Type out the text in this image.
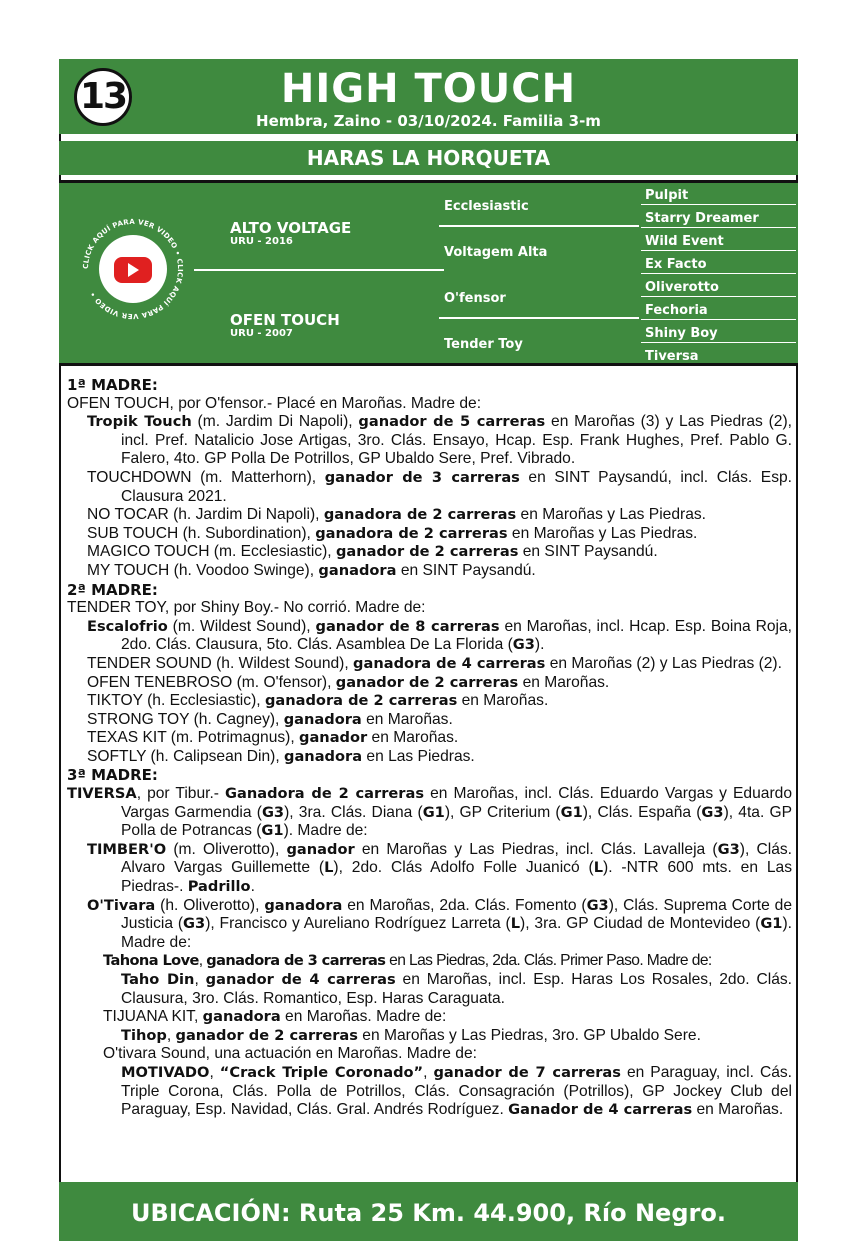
13	HIGH TOUCH
Hembra, Zaino - 03/10/2024. Familia 3-m
HARAS LA HORQUETA
ALTO VOLTAGE
URU - 2016
OFEN TOUCH
URU - 2007
Ecclesiastic
Voltagem Alta
O'fensor
Tender Toy
Pulpit
Starry Dreamer
Wild Event
Ex Facto
Oliverotto
Fechoria
Shiny Boy
Tiversa
CLICK AQUÍ PARA VER VIDEO • CLICK AQUÍ PARA VER VIDEO •

1ª MADRE:

OFEN TOUCH, por O'fensor.- Placé en Maroñas. Madre de:

Tropik Touch (m. Jardim Di Napoli), ganador de 5 carreras en Maroñas (3) y Las Piedras (2), incl. Pref. Natalicio Jose Artigas, 3ro. Clás. Ensayo, Hcap. Esp. Frank Hughes, Pref. Pablo G. Falero, 4to. GP Polla De Potrillos, GP Ubaldo Sere, Pref. Vibrado.

TOUCHDOWN (m. Matterhorn), ganador de 3 carreras en SINT Paysandú, incl. Clás. Esp. Clausura 2021.

NO TOCAR (h. Jardim Di Napoli), ganadora de 2 carreras en Maroñas y Las Piedras.

SUB TOUCH (h. Subordination), ganadora de 2 carreras en Maroñas y Las Piedras.

MAGICO TOUCH (m. Ecclesiastic), ganador de 2 carreras en SINT Paysandú.

MY TOUCH (h. Voodoo Swinge), ganadora en SINT Paysandú.

2ª MADRE:

TENDER TOY, por Shiny Boy.- No corrió. Madre de:

Escalofrio (m. Wildest Sound), ganador de 8 carreras en Maroñas, incl. Hcap. Esp. Boina Roja, 2do. Clás. Clausura, 5to. Clás. Asamblea De La Florida (G3).

TENDER SOUND (h. Wildest Sound), ganadora de 4 carreras en Maroñas (2) y Las Piedras (2).

OFEN TENEBROSO (m. O'fensor), ganador de 2 carreras en Maroñas.

TIKTOY (h. Ecclesiastic), ganadora de 2 carreras en Maroñas.

STRONG TOY (h. Cagney), ganadora en Maroñas.

TEXAS KIT (m. Potrimagnus), ganador en Maroñas.

SOFTLY (h. Calipsean Din), ganadora en Las Piedras.

3ª MADRE:

TIVERSA, por Tibur.- Ganadora de 2 carreras en Maroñas, incl. Clás. Eduardo Vargas y Eduardo Vargas Garmendia (G3), 3ra. Clás. Diana (G1), GP Criterium (G1), Clás. España (G3), 4ta. GP Polla de Potrancas (G1). Madre de:

TIMBER'O (m. Oliverotto), ganador en Maroñas y Las Piedras, incl. Clás. Lavalleja (G3), Clás. Alvaro Vargas Guillemette (L), 2do. Clás Adolfo Folle Juanicó (L). -NTR 600 mts. en Las Piedras-. Padrillo.

O'Tivara (h. Oliverotto), ganadora en Maroñas, 2da. Clás. Fomento (G3), Clás. Suprema Corte de Justicia (G3), Francisco y Aureliano Rodríguez Larreta (L), 3ra. GP Ciudad de Montevideo (G1). Madre de:

Tahona Love, ganadora de 3 carreras en Las Piedras, 2da. Clás. Primer Paso. Madre de:

Taho Din, ganador de 4 carreras en Maroñas, incl. Esp. Haras Los Rosales, 2do. Clás. Clausura, 3ro. Clás. Romantico, Esp. Haras Caraguata.

TIJUANA KIT, ganadora en Maroñas. Madre de:

Tihop, ganador de 2 carreras en Maroñas y Las Piedras, 3ro. GP Ubaldo Sere.

O'tivara Sound, una actuación en Maroñas. Madre de:

MOTIVADO, “Crack Triple Coronado”, ganador de 7 carreras en Paraguay, incl. Cás. Triple Corona, Clás. Polla de Potrillos, Clás. Consagración (Potrillos), GP Jockey Club del Paraguay, Esp. Navidad, Clás. Gral. Andrés Rodríguez. Ganador de 4 carreras en Maroñas.

UBICACIÓN: Ruta 25 Km. 44.900, Río Negro.
